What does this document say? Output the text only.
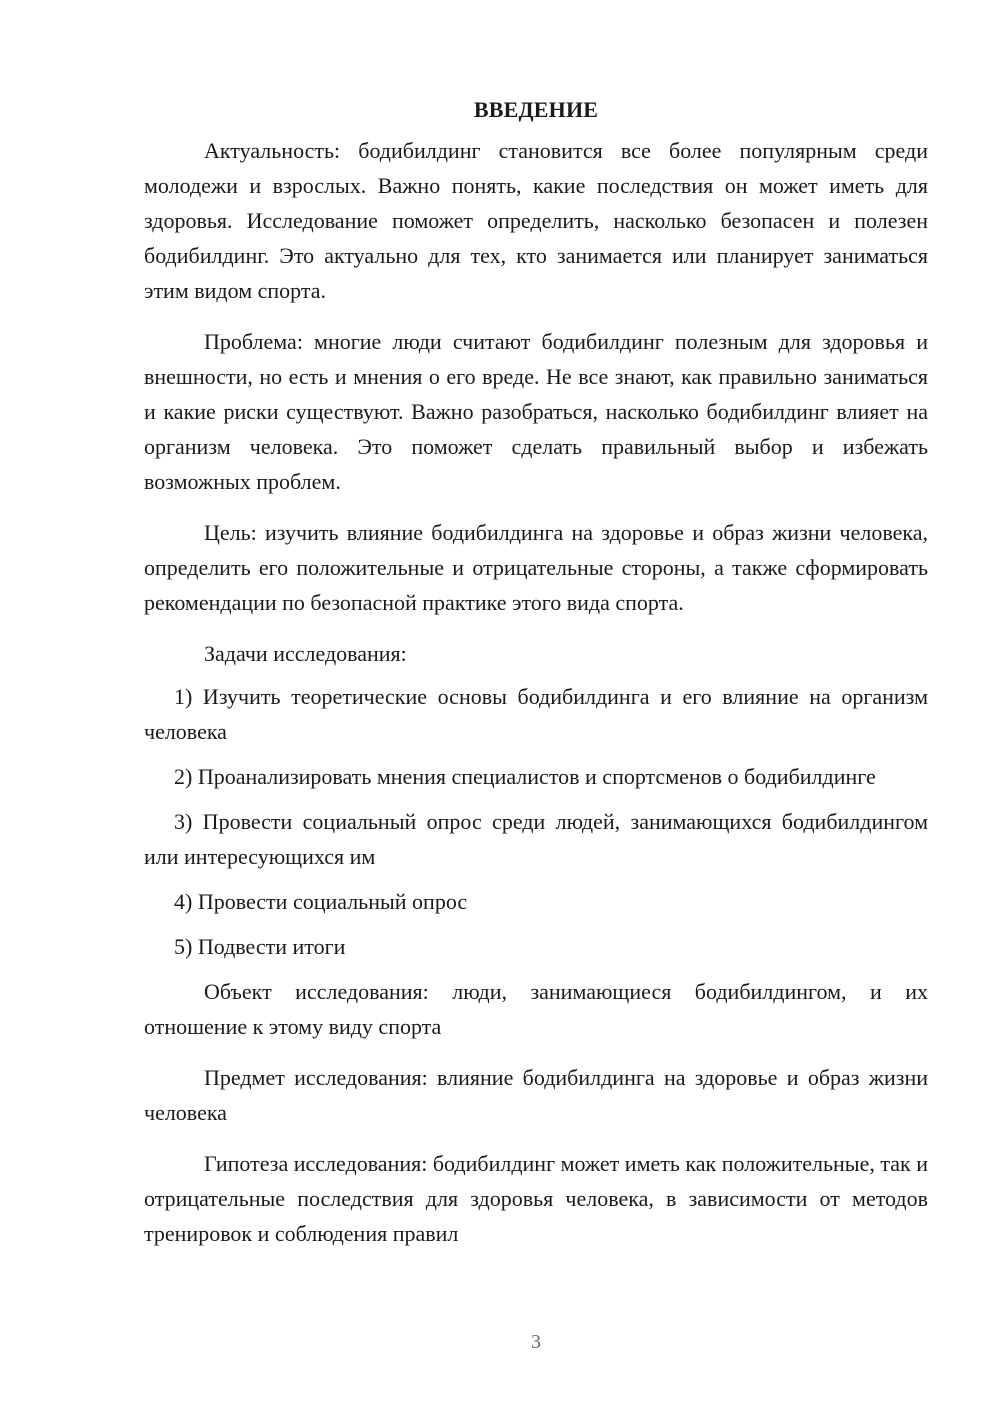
ВВЕДЕНИЕ

Актуальность: бодибилдинг становится все более популярным среди молодежи и взрослых. Важно понять, какие последствия он может иметь для здоровья. Исследование поможет определить, насколько безопасен и полезен бодибилдинг. Это актуально для тех, кто занимается или планирует заниматься этим видом спорта.

Проблема: многие люди считают бодибилдинг полезным для здоровья и внешности, но есть и мнения о его вреде. Не все знают, как правильно заниматься и какие риски существуют. Важно разобраться, насколько бодибилдинг влияет на организм человека. Это поможет сделать правильный выбор и избежать возможных проблем.

Цель: изучить влияние бодибилдинга на здоровье и образ жизни человека, определить его положительные и отрицательные стороны, а также сформировать рекомендации по безопасной практике этого вида спорта.

Задачи исследования:

1) Изучить теоретические основы бодибилдинга и его влияние на организм человека

2) Проанализировать мнения специалистов и спортсменов о бодибилдинге

3) Провести социальный опрос среди людей, занимающихся бодибилдингом или интересующихся им

4) Провести социальный опрос

5) Подвести итоги

Объект исследования: люди, занимающиеся бодибилдингом, и их отношение к этому виду спорта

Предмет исследования: влияние бодибилдинга на здоровье и образ жизни человека

Гипотеза исследования: бодибилдинг может иметь как положительные, так и отрицательные последствия для здоровья человека, в зависимости от методов тренировок и соблюдения правил

3
